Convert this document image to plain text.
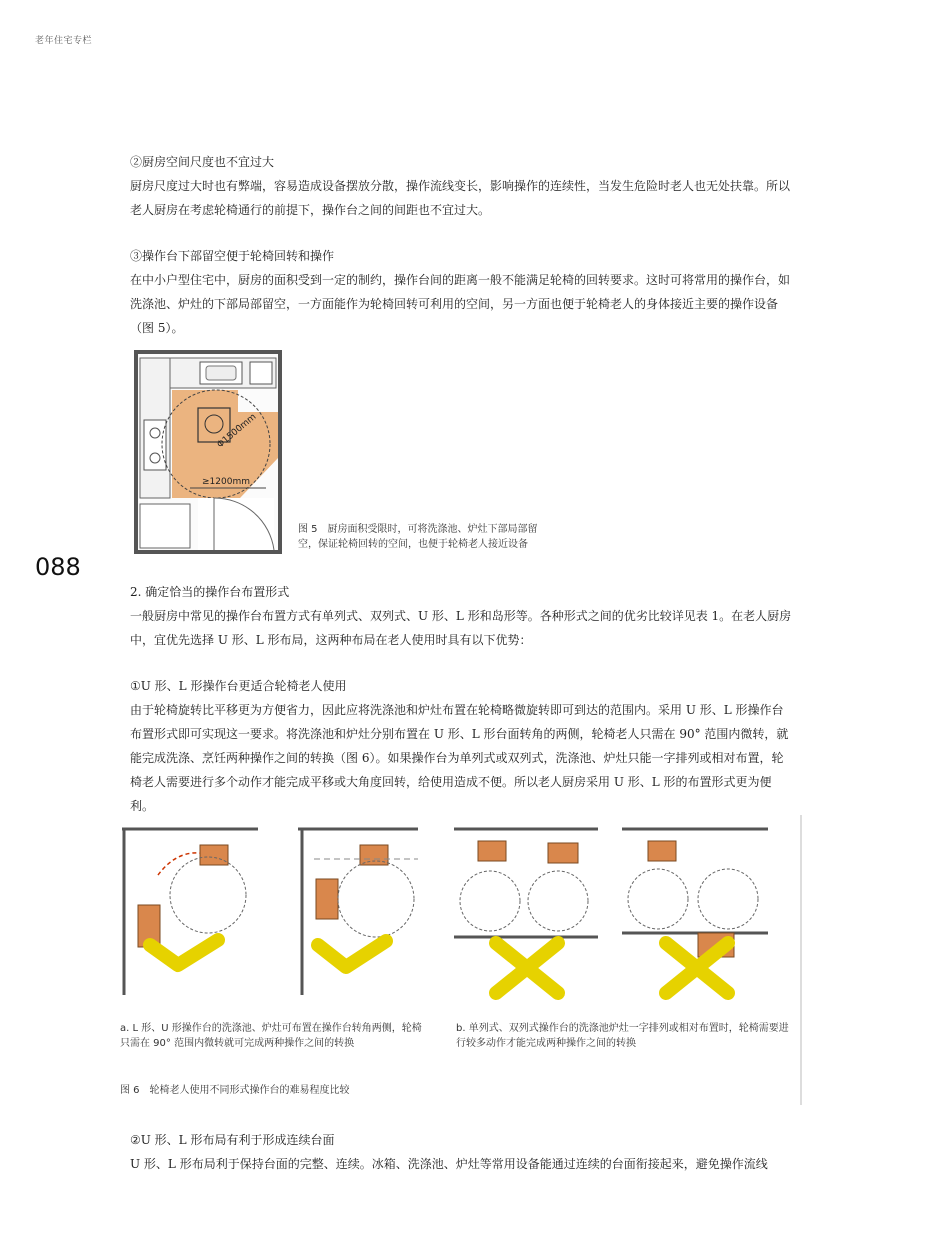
老年住宅专栏

②厨房空间尺度也不宜过大

厨房尺度过大时也有弊端，容易造成设备摆放分散，操作流线变长，影响操作的连续性，当发生危险时老人也无处扶靠。所以老人厨房在考虑轮椅通行的前提下，操作台之间的间距也不宜过大。

③操作台下部留空便于轮椅回转和操作

在中小户型住宅中，厨房的面积受到一定的制约，操作台间的距离一般不能满足轮椅的回转要求。这时可将常用的操作台，如洗涤池、炉灶的下部局部留空，一方面能作为轮椅回转可利用的空间，另一方面也便于轮椅老人的身体接近主要的操作设备（图 5）。

≥1200mm
Φ1500mm
图 5　厨房面积受限时，可将洗涤池、炉灶下部局部留空，保证轮椅回转的空间，也便于轮椅老人接近设备
088

2. 确定恰当的操作台布置形式

一般厨房中常见的操作台布置方式有单列式、双列式、U 形、L 形和岛形等。各种形式之间的优劣比较详见表 1。在老人厨房中，宜优先选择 U 形、L 形布局，这两种布局在老人使用时具有以下优势：

①U 形、L 形操作台更适合轮椅老人使用

由于轮椅旋转比平移更为方便省力，因此应将洗涤池和炉灶布置在轮椅略微旋转即可到达的范围内。采用 U 形、L 形操作台布置形式即可实现这一要求。将洗涤池和炉灶分别布置在 U 形、L 形台面转角的两侧，轮椅老人只需在 90° 范围内微转，就能完成洗涤、烹饪两种操作之间的转换（图 6）。如果操作台为单列式或双列式，洗涤池、炉灶只能一字排列或相对布置，轮椅老人需要进行多个动作才能完成平移或大角度回转，给使用造成不便。所以老人厨房采用 U 形、L 形的布置形式更为便利。

a. L 形、U 形操作台的洗涤池、炉灶可布置在操作台转角两侧，轮椅只需在 90° 范围内微转就可完成两种操作之间的转换
b. 单列式、双列式操作台的洗涤池炉灶一字排列或相对布置时，轮椅需要进行较多动作才能完成两种操作之间的转换
图 6　轮椅老人使用不同形式操作台的难易程度比较

②U 形、L 形布局有利于形成连续台面

U 形、L 形布局利于保持台面的完整、连续。冰箱、洗涤池、炉灶等常用设备能通过连续的台面衔接起来，避免操作流线
